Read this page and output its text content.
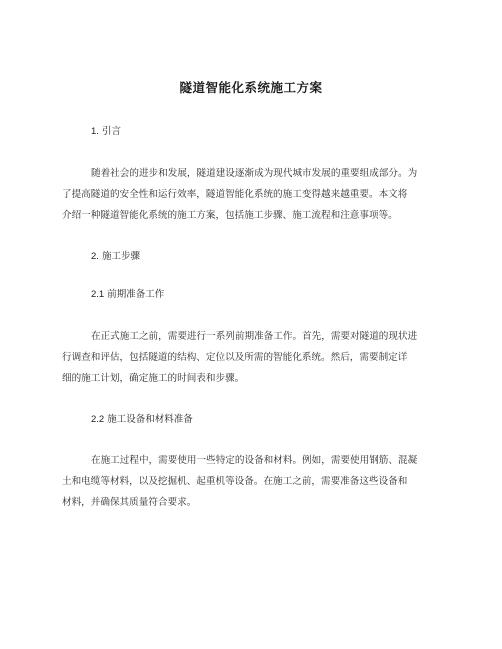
隧道智能化系统施工方案
1. 引言
随着社会的进步和发展，隧道建设逐渐成为现代城市发展的重要组成部分。为
了提高隧道的安全性和运行效率，隧道智能化系统的施工变得越来越重要。本文将
介绍一种隧道智能化系统的施工方案，包括施工步骤、施工流程和注意事项等。
2. 施工步骤
2.1 前期准备工作
在正式施工之前，需要进行一系列前期准备工作。首先，需要对隧道的现状进
行调查和评估，包括隧道的结构、定位以及所需的智能化系统。然后，需要制定详
细的施工计划，确定施工的时间表和步骤。
2.2 施工设备和材料准备
在施工过程中，需要使用一些特定的设备和材料。例如，需要使用钢筋、混凝
土和电缆等材料，以及挖掘机、起重机等设备。在施工之前，需要准备这些设备和
材料，并确保其质量符合要求。
